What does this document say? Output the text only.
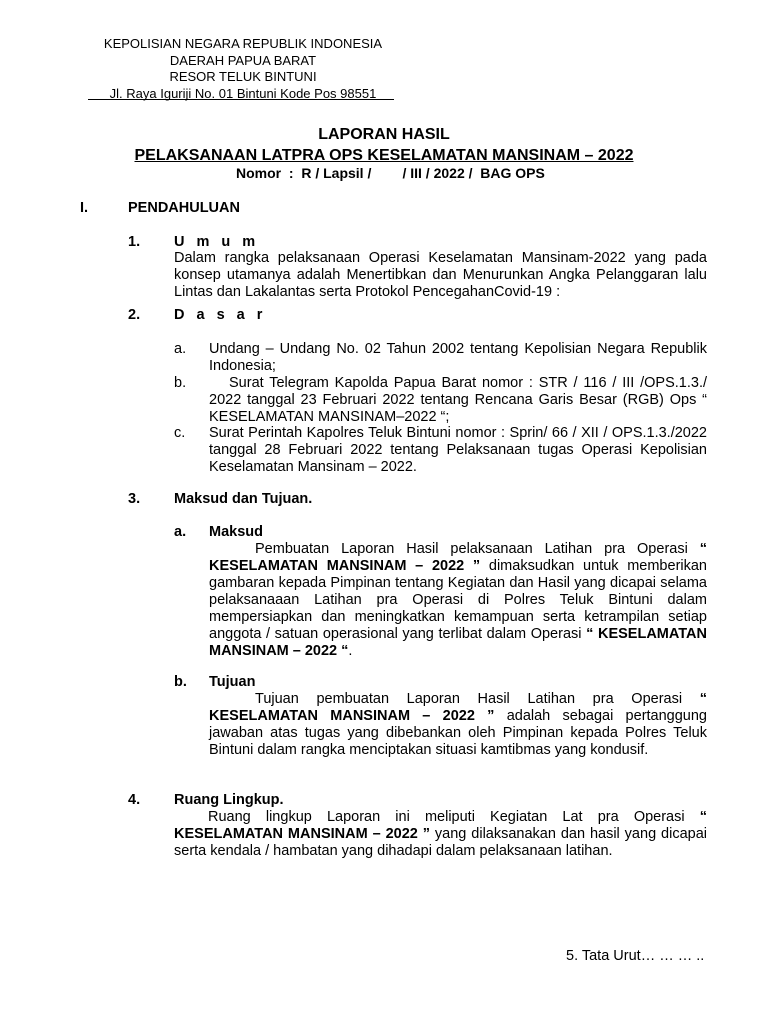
KEPOLISIAN NEGARA REPUBLIK INDONESIA
DAERAH PAPUA BARAT
RESOR TELUK BINTUNI
Jl. Raya Iguriji No. 01 Bintuni Kode Pos 98551
LAPORAN HASIL
PELAKSANAAN LATPRA OPS KESELAMATAN MANSINAM – 2022
Nomor  :  R / Lapsil /        / III / 2022 /  BAG OPS
I.	PENDAHULUAN
1. U m u m
Dalam rangka pelaksanaan Operasi Keselamatan Mansinam-2022 yang pada konsep utamanya adalah Menertibkan dan Menurunkan Angka Pelanggaran lalu Lintas dan Lakalantas serta Protokol PencegahanCovid-19 :
2. D a s a r
a. Undang – Undang No. 02 Tahun 2002 tentang Kepolisian Negara Republik Indonesia;
b.	Surat Telegram Kapolda Papua Barat nomor : STR / 116 / III /OPS.1.3./ 2022 tanggal 23 Februari 2022 tentang Rencana Garis Besar (RGB) Ops “ KESELAMATAN MANSINAM–2022 “;
c. Surat Perintah Kapolres Teluk Bintuni nomor : Sprin/ 66 / XII / OPS.1.3./2022 tanggal 28 Februari 2022 tentang Pelaksanaan tugas Operasi Kepolisian Keselamatan Mansinam – 2022.
3. Maksud dan Tujuan.
a. Maksud
Pembuatan Laporan Hasil pelaksanaan Latihan pra Operasi “ KESELAMATAN MANSINAM – 2022 ” dimaksudkan untuk memberikan gambaran kepada Pimpinan tentang Kegiatan dan Hasil yang dicapai selama pelaksanaaan Latihan pra Operasi di Polres Teluk Bintuni dalam mempersiapkan dan meningkatkan kemampuan serta ketrampilan setiap anggota / satuan operasional yang terlibat dalam Operasi “ KESELAMATAN MANSINAM – 2022 “.
b. Tujuan
Tujuan pembuatan Laporan Hasil Latihan pra Operasi “ KESELAMATAN MANSINAM – 2022 ” adalah sebagai pertanggung jawaban atas tugas yang dibebankan oleh Pimpinan kepada Polres Teluk Bintuni dalam rangka menciptakan situasi kamtibmas yang kondusif.
4. Ruang Lingkup.
Ruang lingkup Laporan ini meliputi Kegiatan Lat pra Operasi “ KESELAMATAN MANSINAM – 2022 ” yang dilaksanakan dan hasil yang dicapai serta kendala / hambatan yang dihadapi dalam pelaksanaan latihan.
5. Tata Urut… … … ..
